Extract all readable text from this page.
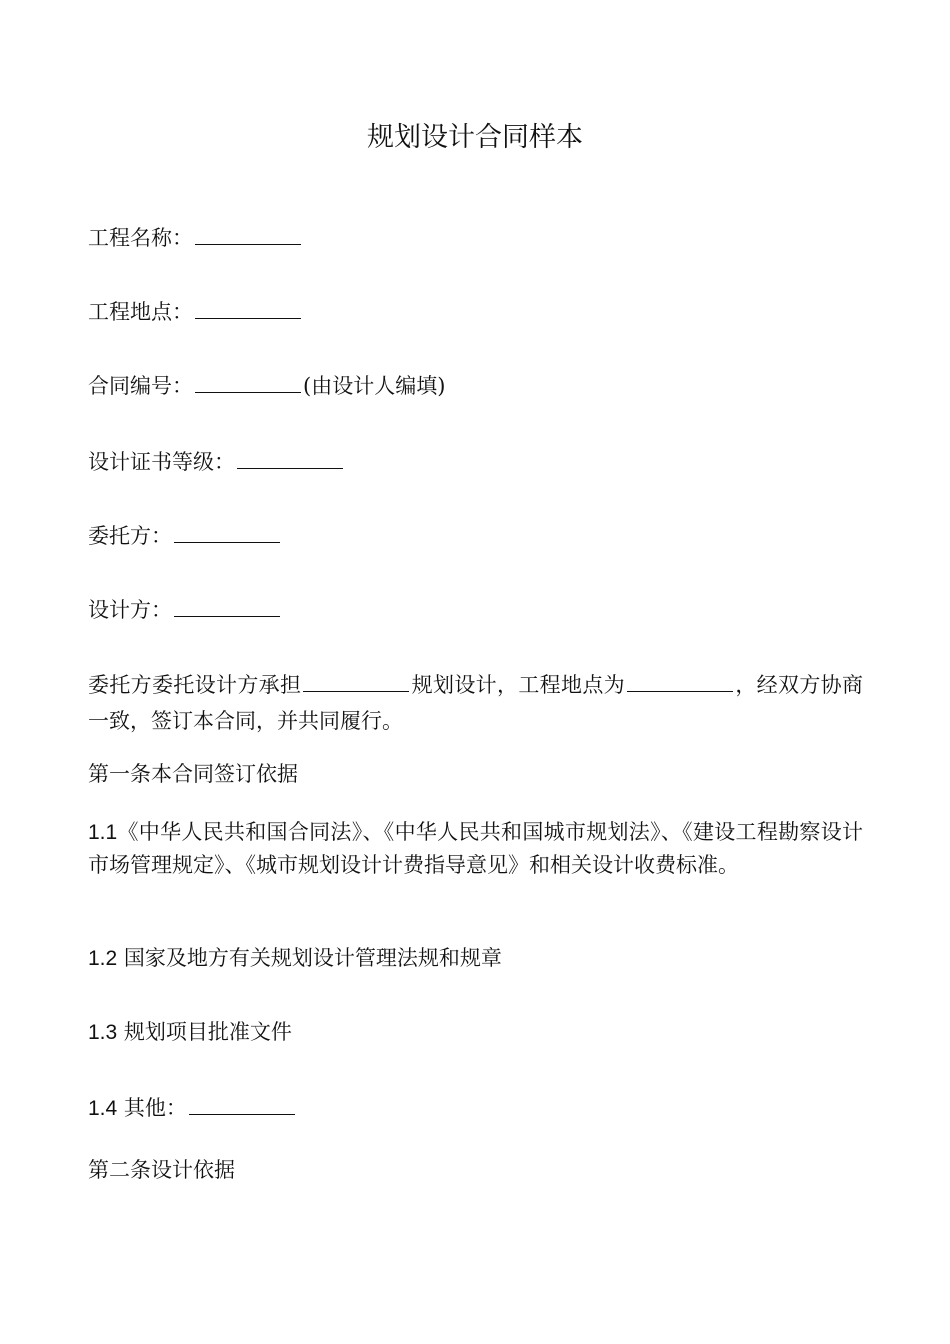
规划设计合同样本
工程名称：
工程地点：
合同编号：	(由设计人编填)
设计证书等级：
委托方：
设计方：
委托方委托设计方承担	规划设计，工程地点为	，经双方协商一致，签订本合同，并共同履行。
第一条本合同签订依据
1.1《中华人民共和国合同法》、《中华人民共和国城市规划法》、《建设工程勘察设计市场管理规定》、《城市规划设计计费指导意见》和相关设计收费标准。
1.2 国家及地方有关规划设计管理法规和规章
1.3 规划项目批准文件
1.4 其他：
第二条设计依据
